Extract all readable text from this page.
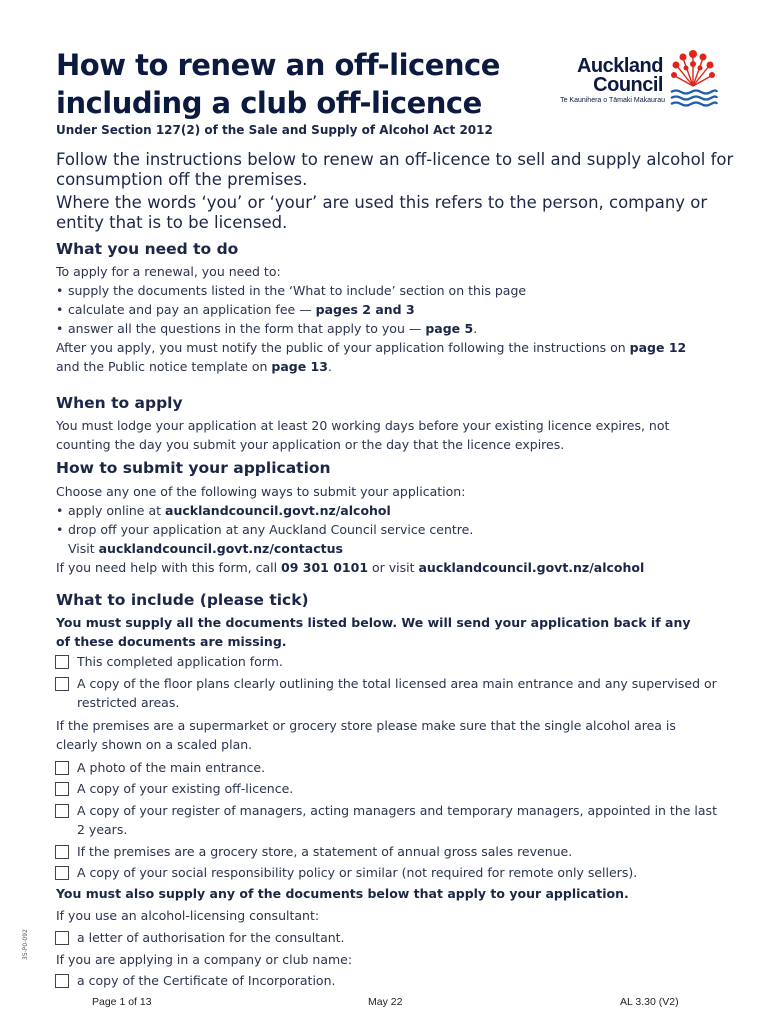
How to renew an off-licence
including a club off-licence
Auckland
Council
Te Kaunihera o Tāmaki Makaurau
Under Section 127(2) of the Sale and Supply of Alcohol Act 2012
Follow the instructions below to renew an off-licence to sell and supply alcohol for consumption off the premises.
Where the words ‘you’ or ‘your’ are used this refers to the person, company or entity that is to be licensed.
What you need to do
To apply for a renewal, you need to:
• supply the documents listed in the ‘What to include’ section on this page
• calculate and pay an application fee — pages 2 and 3
• answer all the questions in the form that apply to you — page 5.
After you apply, you must notify the public of your application following the instructions on page 12
and the Public notice template on page 13.
When to apply
You must lodge your application at least 20 working days before your existing licence expires, not
counting the day you submit your application or the day that the licence expires.
How to submit your application
Choose any one of the following ways to submit your application:
• apply online at aucklandcouncil.govt.nz/alcohol
• drop off your application at any Auckland Council service centre.
Visit aucklandcouncil.govt.nz/contactus
If you need help with this form, call 09 301 0101 or visit aucklandcouncil.govt.nz/alcohol
What to include (please tick)
You must supply all the documents listed below. We will send your application back if any
of these documents are missing.
This completed application form.
A copy of the floor plans clearly outlining the total licensed area main entrance and any supervised or restricted areas.
If the premises are a supermarket or grocery store please make sure that the single alcohol area is
clearly shown on a scaled plan.
A photo of the main entrance.
A copy of your existing off-licence.
A copy of your register of managers, acting managers and temporary managers, appointed in the last 2 years.
If the premises are a grocery store, a statement of annual gross sales revenue.
A copy of your social responsibility policy or similar (not required for remote only sellers).
You must also supply any of the documents below that apply to your application.
If you use an alcohol-licensing consultant:
a letter of authorisation for the consultant.
If you are applying in a company or club name:
a copy of the Certificate of Incorporation.
35-P0-092
Page 1 of 13	May 22	AL 3.30 (V2)
